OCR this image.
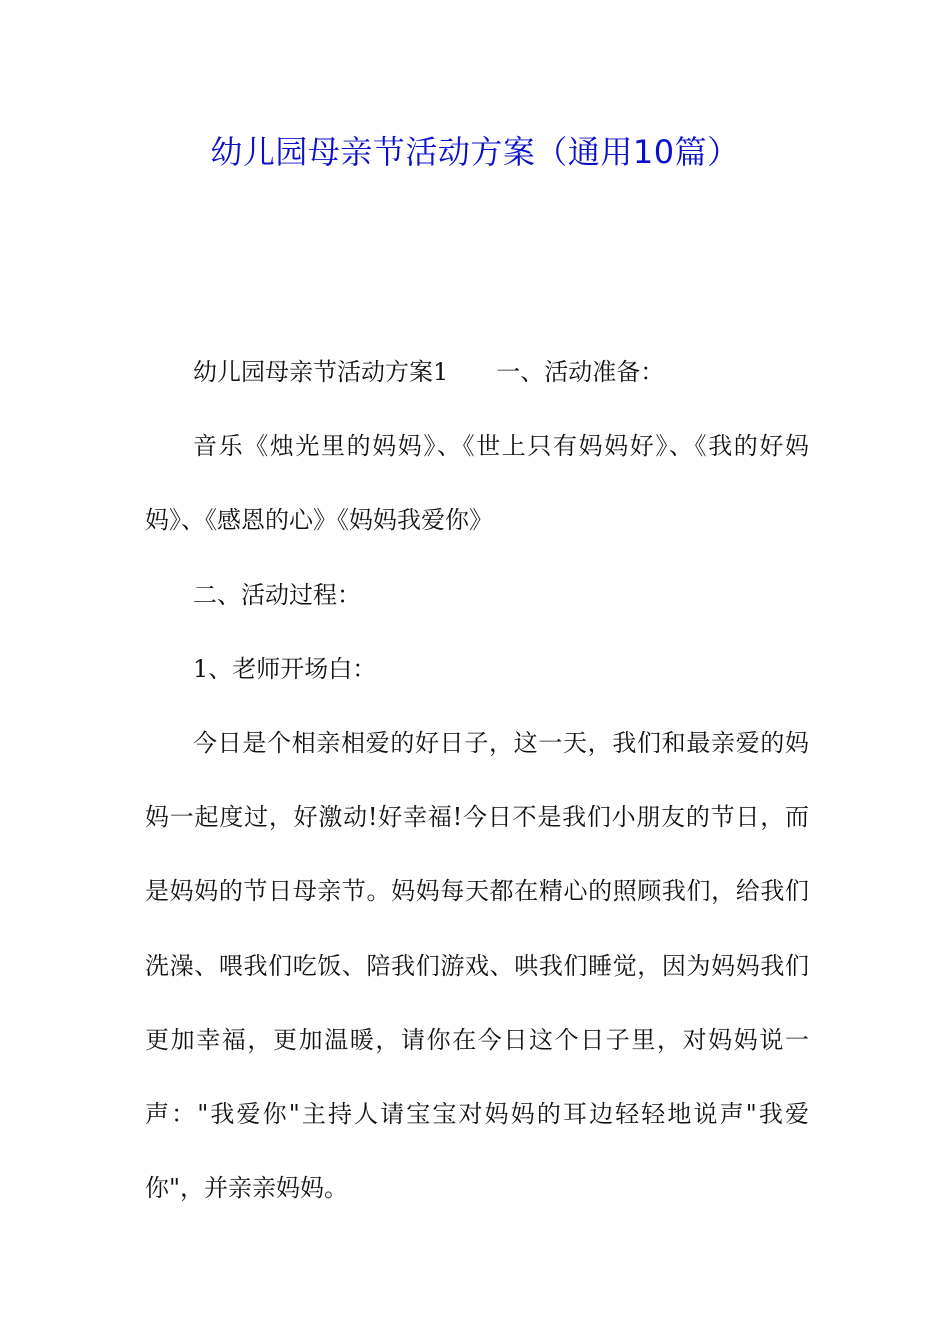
幼儿园母亲节活动方案（通用10篇）

幼儿园母亲节活动方案1 一、活动准备：

音乐《烛光里的妈妈》、《世上只有妈妈好》、《我的好妈妈》、《感恩的心》《妈妈我爱你》

二、活动过程：

1、老师开场白：

今日是个相亲相爱的好日子，这一天，我们和最亲爱的妈妈一起度过，好激动!好幸福!今日不是我们小朋友的节日，而是妈妈的节日母亲节。妈妈每天都在精心的照顾我们，给我们洗澡、喂我们吃饭、陪我们游戏、哄我们睡觉，因为妈妈我们更加幸福，更加温暖，请你在今日这个日子里，对妈妈说一声："我爱你"主持人请宝宝对妈妈的耳边轻轻地说声"我爱你"，并亲亲妈妈。
